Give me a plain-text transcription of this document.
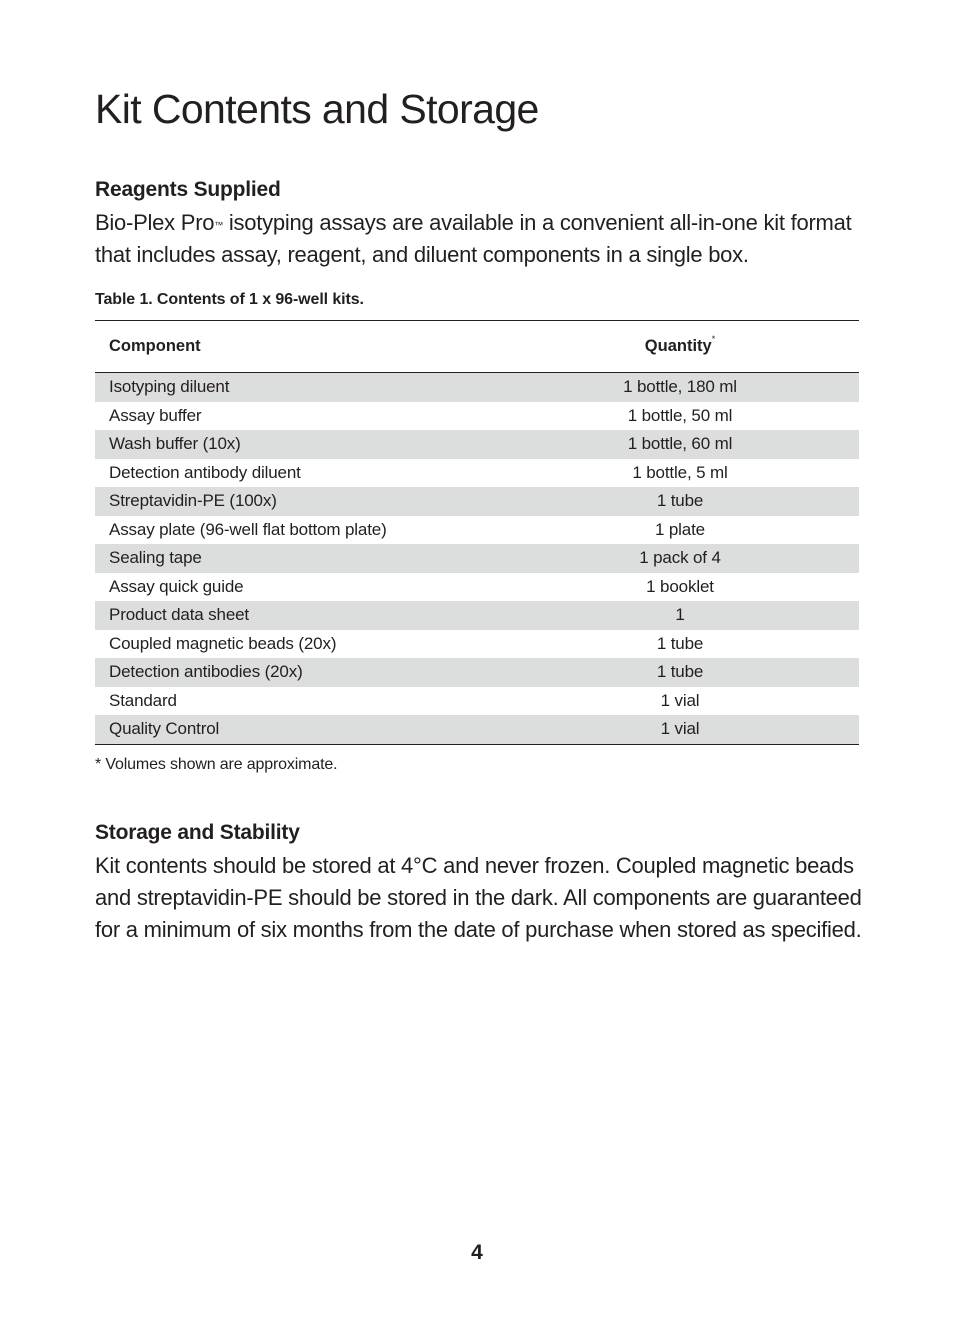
Kit Contents and Storage
Reagents Supplied

Bio-Plex Pro™ isotyping assays are available in a convenient all-in-one kit format that includes assay, reagent, and diluent components in a single box.

Table 1. Contents of 1 x 96-well kits.

Component	Quantity*
Isotyping diluent	1 bottle, 180 ml
Assay buffer	1 bottle, 50 ml
Wash buffer (10x)	1 bottle, 60 ml
Detection antibody diluent	1 bottle, 5 ml
Streptavidin-PE (100x)	1 tube
Assay plate (96-well flat bottom plate)	1 plate
Sealing tape	1 pack of 4
Assay quick guide	1 booklet
Product data sheet	1
Coupled magnetic beads (20x)	1 tube
Detection antibodies (20x)	1 tube
Standard	1 vial
Quality Control	1 vial

* Volumes shown are approximate.

Storage and Stability

Kit contents should be stored at 4°C and never frozen. Coupled magnetic beads and streptavidin-PE should be stored in the dark. All components are guaranteed for a minimum of six months from the date of purchase when stored as specified.

4
